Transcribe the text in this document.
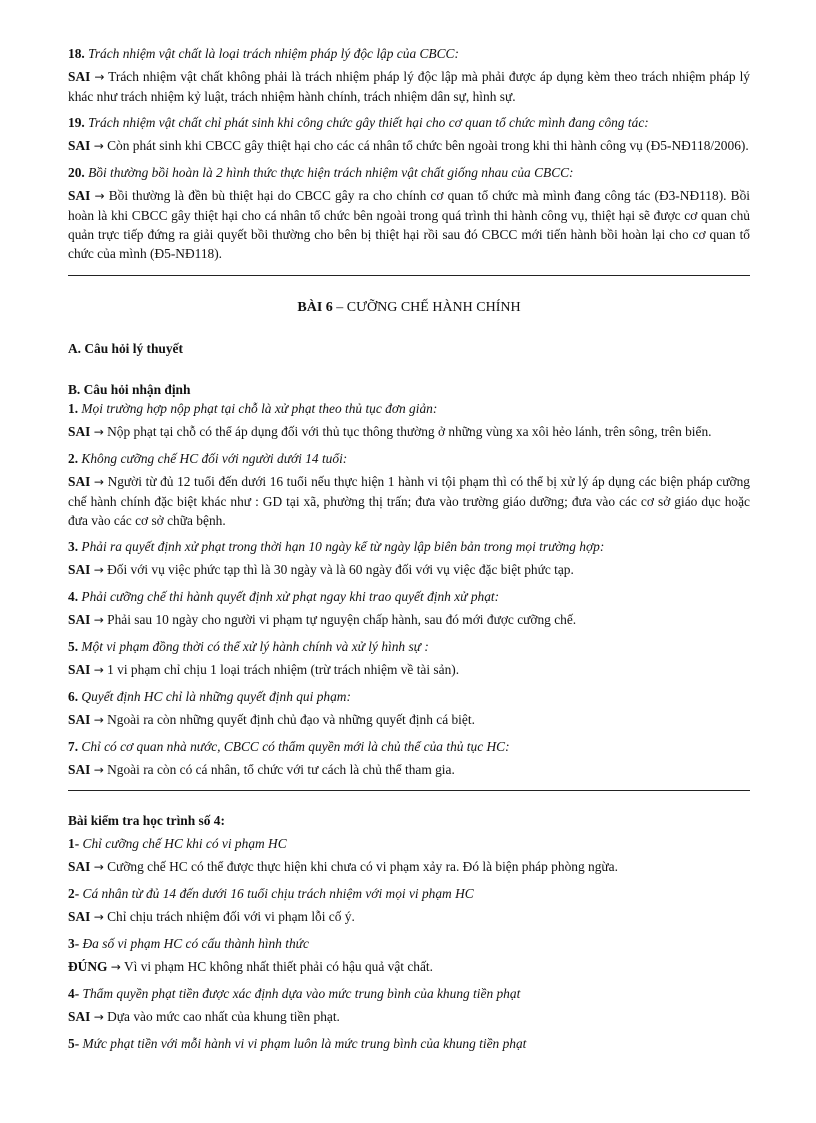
18. Trách nhiệm vật chất là loại trách nhiệm pháp lý độc lập của CBCC:

SAI → Trách nhiệm vật chất không phải là trách nhiệm pháp lý độc lập mà phải được áp dụng kèm theo trách nhiệm pháp lý khác như trách nhiệm kỷ luật, trách nhiệm hành chính, trách nhiệm dân sự, hình sự.

19. Trách nhiệm vật chất chỉ phát sinh khi công chức gây thiết hại cho cơ quan tổ chức mình đang công tác:

SAI → Còn phát sinh khi CBCC gây thiệt hại cho các cá nhân tổ chức bên ngoài trong khi thi hành công vụ (Đ5-NĐ118/2006).

20. Bồi thường bồi hoàn là 2 hình thức thực hiện trách nhiệm vật chất giống nhau của CBCC:

SAI → Bồi thường là đền bù thiệt hại do CBCC gây ra cho chính cơ quan tổ chức mà mình đang công tác (Đ3-NĐ118). Bồi hoàn là khi CBCC gây thiệt hại cho cá nhân tổ chức bên ngoài trong quá trình thi hành công vụ, thiệt hại sẽ được cơ quan chủ quản trực tiếp đứng ra giải quyết bồi thường cho bên bị thiệt hại rồi sau đó CBCC mới tiến hành bồi hoàn lại cho cơ quan tổ chức của mình (Đ5-NĐ118).

BÀI 6 – CƯỠNG CHẾ HÀNH CHÍNH

A. Câu hỏi lý thuyết

B. Câu hỏi nhận định

1. Mọi trường hợp nộp phạt tại chỗ là xử phạt theo thủ tục đơn giản:

SAI → Nộp phạt tại chỗ có thể áp dụng đối với thủ tục thông thường ở những vùng xa xôi hẻo lánh, trên sông, trên biển.

2. Không cưỡng chế HC đối với người dưới 14 tuổi:

SAI → Người từ đủ 12 tuổi đến dưới 16 tuổi nếu thực hiện 1 hành vi tội phạm thì có thể bị xử lý áp dụng các biện pháp cưỡng chế hành chính đặc biệt khác như : GD tại xã, phường thị trấn; đưa vào trường giáo dưỡng; đưa vào các cơ sở giáo dục hoặc đưa vào các cơ sở chữa bệnh.

3. Phải ra quyết định xử phạt trong thời hạn 10 ngày kể từ ngày lập biên bản trong mọi trường hợp:

SAI → Đối với vụ việc phức tạp thì là 30 ngày và là 60 ngày đối với vụ việc đặc biệt phức tạp.

4. Phải cưỡng chế thi hành quyết định xử phạt ngay khi trao quyết định xử phạt:

SAI → Phải sau 10 ngày cho người vi phạm tự nguyện chấp hành, sau đó mới được cưỡng chế.

5. Một vi phạm đồng thời có thể xử lý hành chính và xử lý hình sự :

SAI → 1 vi phạm chỉ chịu 1 loại trách nhiệm (trừ trách nhiệm về tài sản).

6. Quyết định HC chỉ là những quyết định qui phạm:

SAI → Ngoài ra còn những quyết định chủ đạo và những quyết định cá biệt.

7. Chỉ có cơ quan nhà nước, CBCC có thẩm quyền mới là chủ thể của thủ tục HC:

SAI → Ngoài ra còn có cá nhân, tổ chức với tư cách là chủ thể tham gia.

Bài kiểm tra học trình số 4:

1- Chỉ cưỡng chế HC khi có vi phạm HC

SAI → Cưỡng chế HC có thể được thực hiện khi chưa có vi phạm xảy ra. Đó là biện pháp phòng ngừa.

2- Cá nhân từ đủ 14 đến dưới 16 tuổi chịu trách nhiệm với mọi vi phạm HC

SAI → Chỉ chịu trách nhiệm đối với vi phạm lỗi cố ý.

3- Đa số vi phạm HC có cấu thành hình thức

ĐÚNG → Vì vi phạm HC không nhất thiết phải có hậu quả vật chất.

4- Thẩm quyền phạt tiền được xác định dựa vào mức trung bình của khung tiền phạt

SAI → Dựa vào mức cao nhất của khung tiền phạt.

5- Mức phạt tiền với mỗi hành vi vi phạm luôn là mức trung bình của khung tiền phạt
